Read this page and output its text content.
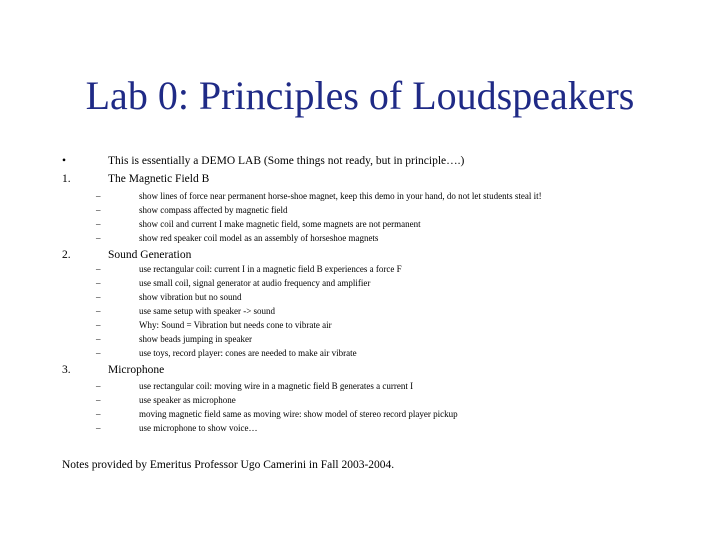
Lab 0: Principles of Loudspeakers
•	This is essentially a DEMO LAB (Some things not ready, but in principle….)
1.	The Magnetic Field B
–	show lines of force near permanent horse-shoe magnet, keep this demo in your hand, do not let students steal it!
–	show compass affected by magnetic field
–	show coil and current I make magnetic field, some magnets are not permanent
–	show red speaker coil model as an assembly of horseshoe magnets
2.	Sound Generation
–	use rectangular coil: current I in a magnetic field B experiences a force F
–	use small coil, signal generator at audio frequency and amplifier
–	show vibration but no sound
–	use same setup with speaker -> sound
–	Why: Sound = Vibration but needs cone to vibrate air
–	show beads jumping in speaker
–	use toys, record player: cones are needed to make air vibrate
3.	Microphone
–	use rectangular coil: moving wire in a magnetic field B generates a current I
–	use speaker as microphone
–	moving magnetic field same as moving wire: show model of stereo record player pickup
–	use microphone to show voice…
Notes provided by Emeritus Professor Ugo Camerini in Fall 2003-2004.
